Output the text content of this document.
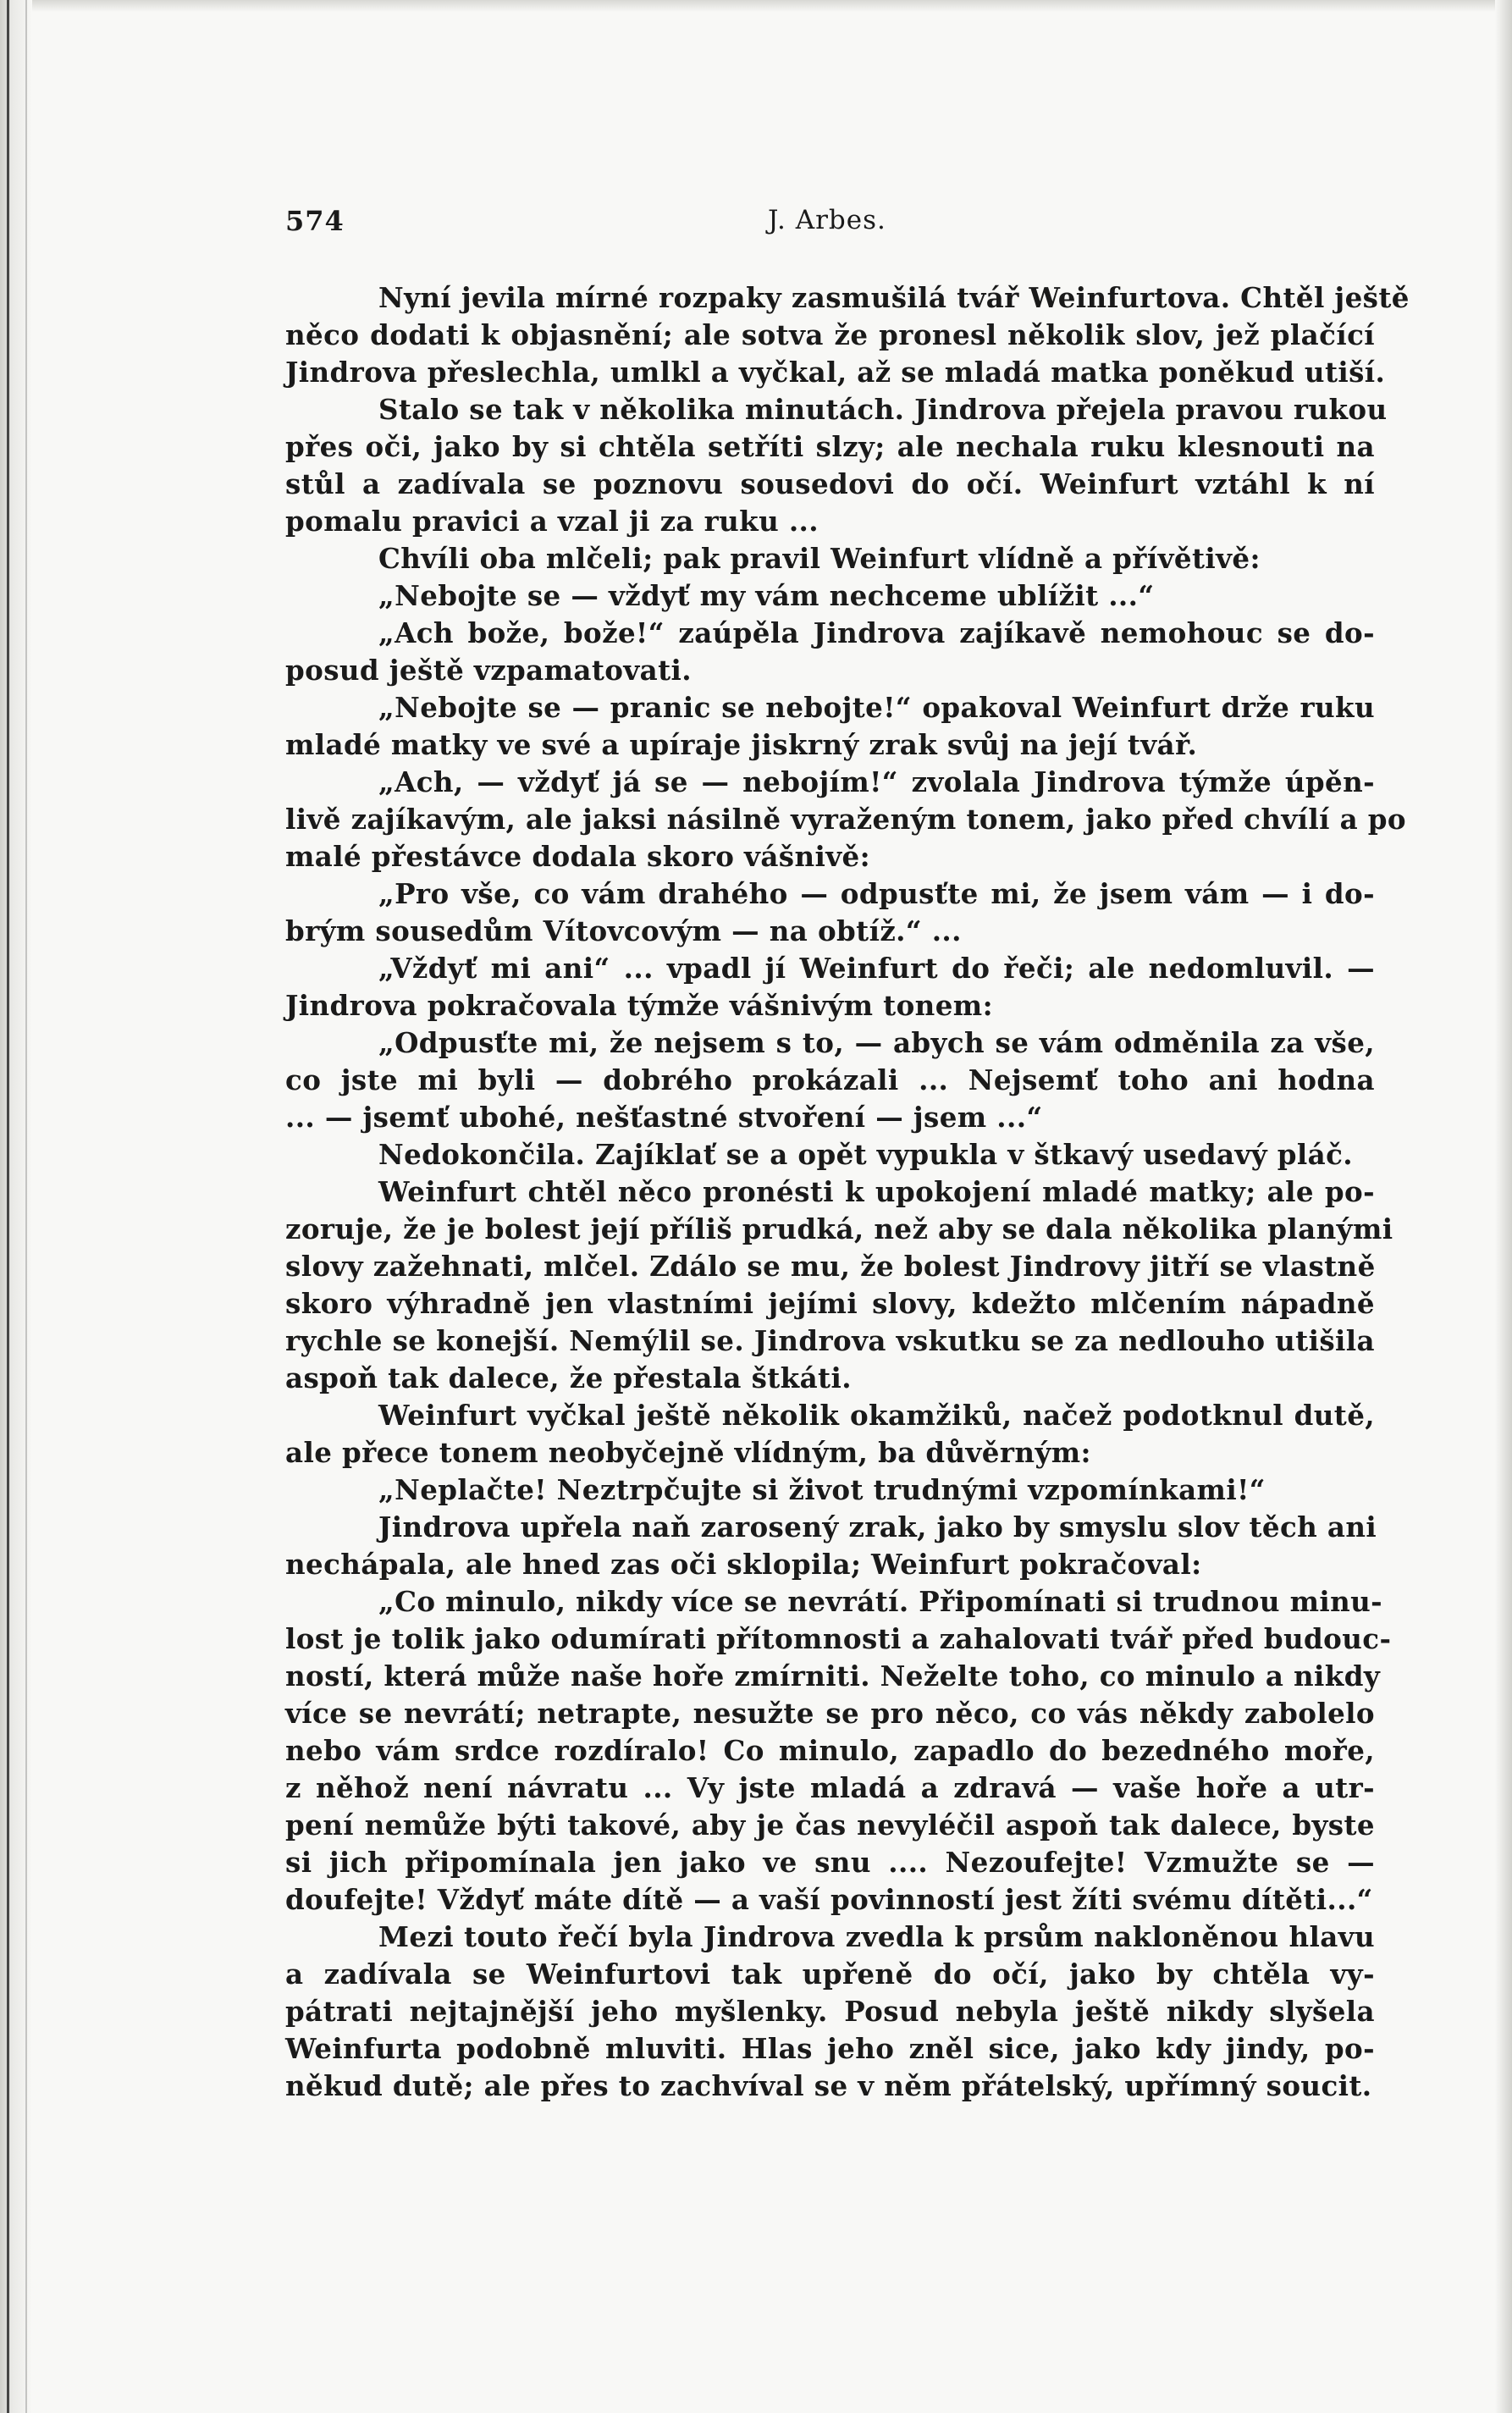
574	J. Arbes.
Nyní jevila mírné rozpaky zasmušilá tvář Weinfurtova. Chtěl ještě
něco dodati k objasnění; ale sotva že pronesl několik slov, jež plačící
Jindrova přeslechla, umlkl a vyčkal, až se mladá matka poněkud utiší.
Stalo se tak v několika minutách. Jindrova přejela pravou rukou
přes oči, jako by si chtěla setříti slzy; ale nechala ruku klesnouti na
stůl a zadívala se poznovu sousedovi do očí. Weinfurt vztáhl k ní
pomalu pravici a vzal ji za ruku ...
Chvíli oba mlčeli; pak pravil Weinfurt vlídně a přívětivě:
„Nebojte se — vždyť my vám nechceme ublížit ...“
„Ach bože, bože!“ zaúpěla Jindrova zajíkavě nemohouc se do-
posud ještě vzpamatovati.
„Nebojte se — pranic se nebojte!“ opakoval Weinfurt drže ruku
mladé matky ve své a upíraje jiskrný zrak svůj na její tvář.
„Ach, — vždyť já se — nebojím!“ zvolala Jindrova týmže úpěn-
livě zajíkavým, ale jaksi násilně vyraženým tonem, jako před chvílí a po
malé přestávce dodala skoro vášnivě:
„Pro vše, co vám drahého — odpusťte mi, že jsem vám — i do-
brým sousedům Vítovcovým — na obtíž.“ ...
„Vždyť mi ani“ ... vpadl jí Weinfurt do řeči; ale nedomluvil. —
Jindrova pokračovala týmže vášnivým tonem:
„Odpusťte mi, že nejsem s to, — abych se vám odměnila za vše,
co jste mi byli — dobrého prokázali ... Nejsemť toho ani hodna
... — jsemť ubohé, nešťastné stvoření — jsem ...“
Nedokončila. Zajíklať se a opět vypukla v štkavý usedavý pláč.
Weinfurt chtěl něco pronésti k upokojení mladé matky; ale po-
zoruje, že je bolest její příliš prudká, než aby se dala několika planými
slovy zažehnati, mlčel. Zdálo se mu, že bolest Jindrovy jitří se vlastně
skoro výhradně jen vlastními jejími slovy, kdežto mlčením nápadně
rychle se konejší. Nemýlil se. Jindrova vskutku se za nedlouho utišila
aspoň tak dalece, že přestala štkáti.
Weinfurt vyčkal ještě několik okamžiků, načež podotknul dutě,
ale přece tonem neobyčejně vlídným, ba důvěrným:
„Neplačte! Neztrpčujte si život trudnými vzpomínkami!“
Jindrova upřela naň zarosený zrak, jako by smyslu slov těch ani
nechápala, ale hned zas oči sklopila; Weinfurt pokračoval:
„Co minulo, nikdy více se nevrátí. Připomínati si trudnou minu-
lost je tolik jako odumírati přítomnosti a zahalovati tvář před budouc-
ností, která může naše hoře zmírniti. Neželte toho, co minulo a nikdy
více se nevrátí; netrapte, nesužte se pro něco, co vás někdy zabolelo
nebo vám srdce rozdíralo! Co minulo, zapadlo do bezedného moře,
z něhož není návratu ... Vy jste mladá a zdravá — vaše hoře a utr-
pení nemůže býti takové, aby je čas nevyléčil aspoň tak dalece, byste
si jich připomínala jen jako ve snu .... Nezoufejte! Vzmužte se —
doufejte! Vždyť máte dítě — a vaší povinností jest žíti svému dítěti...“
Mezi touto řečí byla Jindrova zvedla k prsům nakloněnou hlavu
a zadívala se Weinfurtovi tak upřeně do očí, jako by chtěla vy-
pátrati nejtajnější jeho myšlenky. Posud nebyla ještě nikdy slyšela
Weinfurta podobně mluviti. Hlas jeho zněl sice, jako kdy jindy, po-
někud dutě; ale přes to zachvíval se v něm přátelský, upřímný soucit.
